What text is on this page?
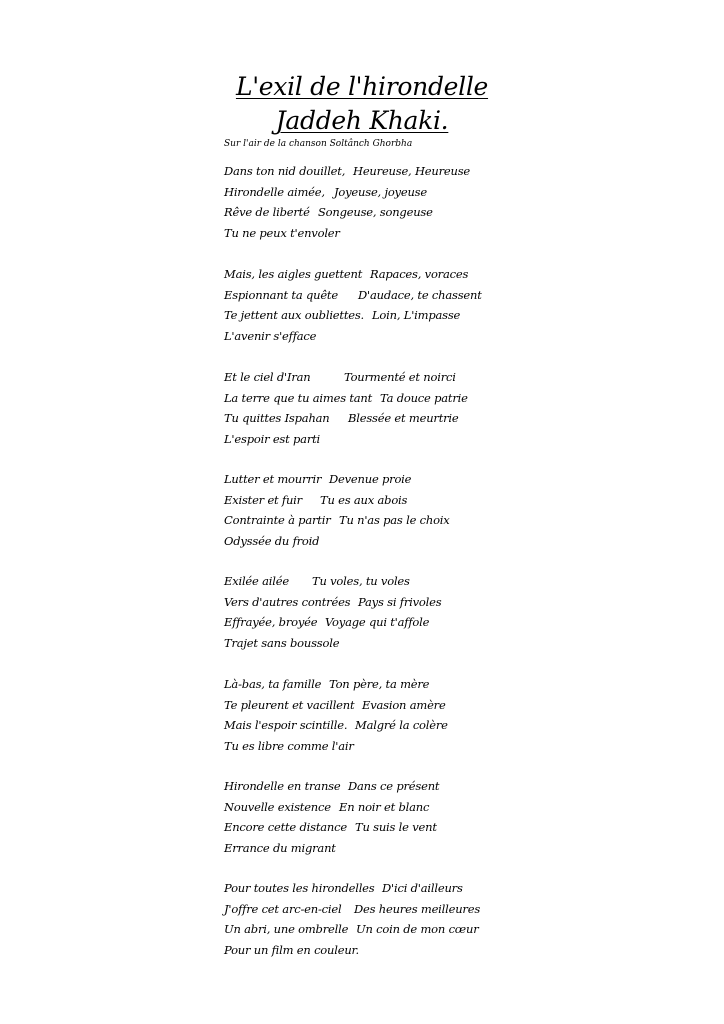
L'exil de l'hirondelle
Jaddeh Khaki.
Sur l'air de la chanson Soltânch Ghorbha
Dans ton nid douillet, Heureuse, Heureuse
Hirondelle aimée, Joyeuse, joyeuse
Rêve de liberté Songeuse, songeuse
Tu ne peux t'envoler
Mais, les aigles guettent Rapaces, voraces
Espionnant ta quête D'audace, te chassent
Te jettent aux oubliettes. Loin, L'impasse
L'avenir s'efface
Et le ciel d'Iran	Tourmenté et noirci
La terre que tu aimes tant Ta douce patrie
Tu quittes Ispahan Blessée et meurtrie
L'espoir est parti
Lutter et mourrir Devenue proie
Exister et fuir Tu es aux abois
Contrainte à partir Tu n'as pas le choix
Odyssée du froid
Exilée ailée Tu voles, tu voles
Vers d'autres contrées Pays si frivoles
Effrayée, broyée Voyage qui t'affole
Trajet sans boussole
Là-bas, ta famille Ton père, ta mère
Te pleurent et vacillent Evasion amère
Mais l'espoir scintille. Malgré la colère
Tu es libre comme l'air
Hirondelle en transe Dans ce présent
Nouvelle existence En noir et blanc
Encore cette distance Tu suis le vent
Errance du migrant
Pour toutes les hirondelles D'ici d'ailleurs
J'offre cet arc-en-ciel Des heures meilleures
Un abri, une ombrelle Un coin de mon cœur
Pour un film en couleur.
